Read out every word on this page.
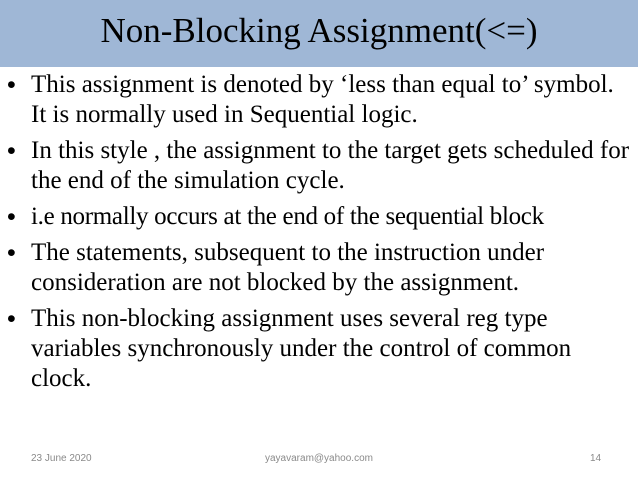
Non-Blocking Assignment(<=)
• This assignment is denoted by ‘less than equal to’ symbol. It is normally used in Sequential logic.
• In this style , the assignment to the target gets scheduled for the end of the simulation cycle.
• i.e normally occurs at the end of the sequential block
• The statements, subsequent to the instruction under consideration are not blocked by the assignment.
• This non-blocking assignment uses several reg type variables synchronously under the control of common clock.
23 June 2020	yayavaram@yahoo.com	14
